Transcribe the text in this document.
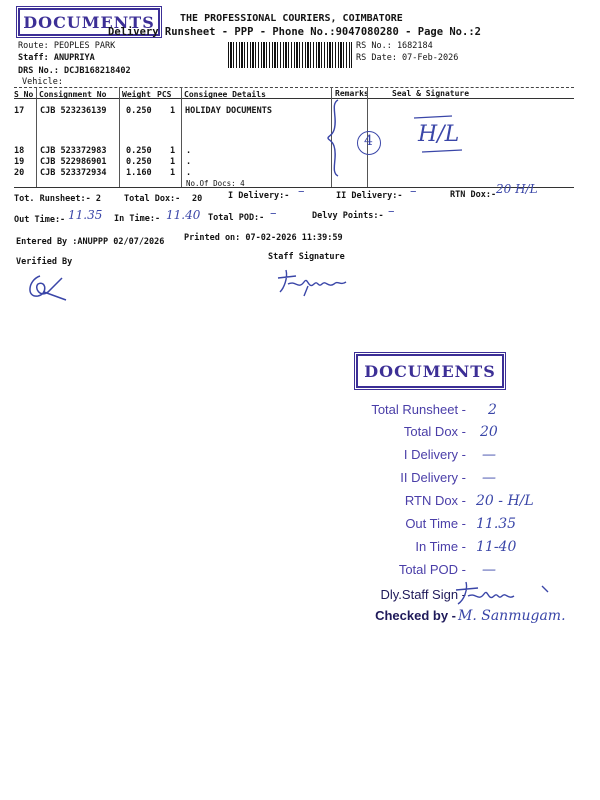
DOCUMENTS	THE PROFESSIONAL COURIERS, COIMBATORE
Delivery Runsheet - PPP - Phone No.:9047080280 - Page No.:2
Route: PEOPLES PARK
Staff: ANUPRIYA
DRS No.: DCJB168218402
Vehicle:
RS No.: 1682184
RS Date: 07-Feb-2026
S No Consignment No Weight PCS Consignee Details	Remarks	Seal & Signature
17 CJB 523236139 0.250 1 HOLIDAY DOCUMENTS
18 CJB 523372983 0.250 1 .
19 CJB 522986901 0.250 1 .
20 CJB 523372934 1.160 1 .
No.Of Docs: 4
4 H/L
Tot. Runsheet:- 2	Total Dox:- 20	I Delivery:- –	II Delivery:- –	RTN Dox:- 20 H/L
Out Time:- 11.35 In Time:- 11.40 Total POD:- –	Delvy Points:- –
Entered By :ANUPPP 02/07/2026 Printed on: 07-02-2026 11:39:59
Verified By	Staff Signature
DOCUMENTS
Total Runsheet - 2
Total Dox - 20
I Delivery - —
II Delivery - —
RTN Dox - 20 - H/L
Out Time - 11.35
In Time - 11-40
Total POD - —
Dly.Staff Sign -
Checked by - M. Sanmugam.
